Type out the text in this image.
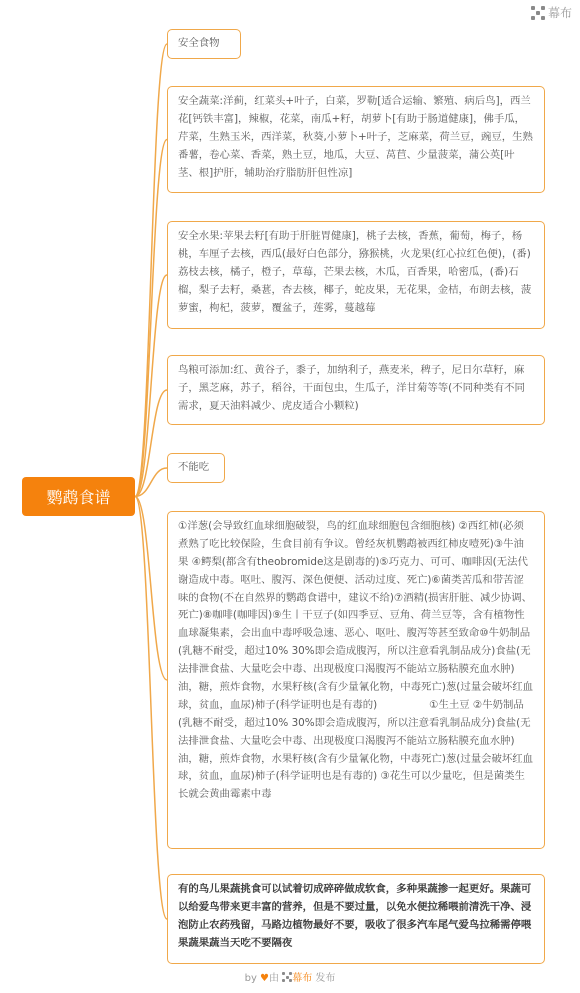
幕布
鹦鹉食谱
安全食物
安全蔬菜:洋蓟，红菜头+叶子，白菜，罗勒[适合运输、繁殖、病后鸟]，西兰花[钙铁丰富]，辣椒，花菜，南瓜+籽，胡萝卜[有助于肠道健康]，佛手瓜，芹菜，生熟玉米，西洋菜，秋葵,小萝卜+叶子，芝麻菜，荷兰豆，豌豆，生熟番薯，卷心菜、香菜，熟土豆，地瓜，大豆、莴苣、少量菠菜，蒲公英[叶茎、根]护肝，辅助治疗脂肪肝但性凉]
安全水果:苹果去籽[有助于肝脏胃健康]，桃子去核，香蕉，葡萄，梅子，杨桃，车厘子去核，西瓜(最好白色部分，猕猴桃，火龙果(红心拉红色便)，(番)荔枝去核，橘子，橙子，草莓，芒果去核，木瓜，百香果，哈密瓜，(番)石榴，梨子去籽，桑葚，杏去核，椰子，蛇皮果，无花果，金桔，布朗去核，菠萝蜜，枸杞，菠萝，覆盆子，莲雾，蔓越莓
鸟粮可添加:红、黄谷子，黍子，加纳利子，燕麦米，稗子，尼日尔草籽，麻子，黑芝麻，苏子，稻谷，干面包虫，生瓜子，洋甘菊等等(不同种类有不同需求，夏天油料减少、虎皮适合小颗粒)
不能吃
①洋葱(会导致红血球细胞破裂，鸟的红血球细胞包含细胞核) ②西红柿(必须煮熟了吃比较保险，生食目前有争议。曾经灰机鹦鹉被西红柿皮噎死)③牛油果 ④鳄梨(都含有theobromide这是剧毒的)⑤巧克力、可可、咖啡因(无法代谢造成中毒。呕吐、腹泻、深色便便、活动过度、死亡)⑥菌类苦瓜和带苦涩味的食物(不在自然界的鹦鹉食谱中，建议不给)⑦酒精(损害肝脏、减少协调、死亡)⑧咖啡(咖啡因)⑨生丨干豆子(如四季豆、豆角、荷兰豆等，含有植物性血球凝集素，会出血中毒呼吸急速、恶心、呕吐、腹泻等甚至致命⑩牛奶制品(乳糖不耐受，超过10% 30%即会造成腹泻，所以注意看乳制品成分)食盐(无法排泄食盐、大量吃会中毒、出现极度口渴腹泻不能站立肠粘膜充血水肿)油，糖，煎炸食物，水果籽核(含有少量氰化物，中毒死亡)葱(过量会破坏红血球，贫血，血尿)柿子(科学证明也是有毒的)　　　　　①生土豆 ②牛奶制品(乳糖不耐受，超过10% 30%即会造成腹泻，所以注意看乳制品成分)食盐(无法排泄食盐、大量吃会中毒、出现极度口渴腹泻不能站立肠粘膜充血水肿)油，糖，煎炸食物，水果籽核(含有少量氰化物，中毒死亡)葱(过量会破坏红血球，贫血，血尿)柿子(科学证明也是有毒的) ③花生可以少量吃，但是菌类生长就会黄曲霉素中毒
有的鸟儿果蔬挑食可以试着切成碎碎做成软食，多种果蔬掺一起更好。果蔬可以给爱鸟带来更丰富的营养，但是不要过量，以免水便拉稀喂前清洗干净、浸泡防止农药残留，马路边植物最好不要，吸收了很多汽车尾气爱鸟拉稀需停喂果蔬果蔬当天吃不要隔夜
by ♥由 幕布 发布
